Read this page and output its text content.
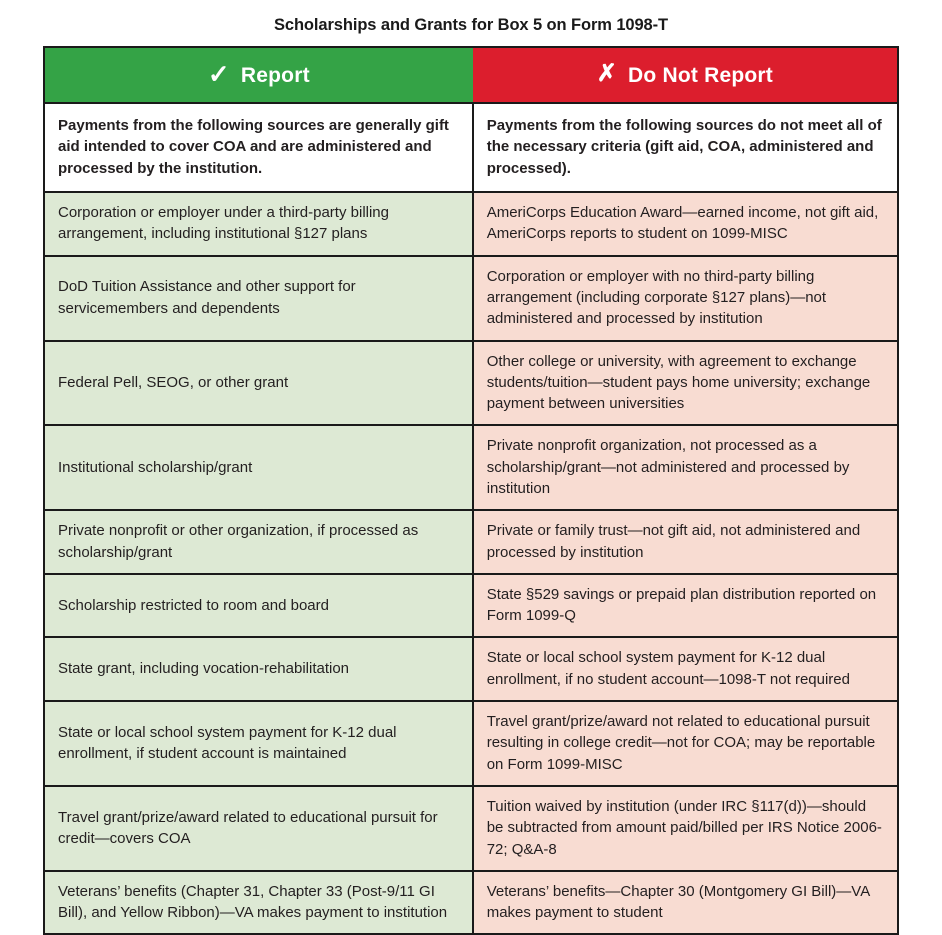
Scholarships and Grants for Box 5 on Form 1098-T
✓ Report	✗ Do Not Report

Payments from the following sources are generally gift aid intended to cover COA and are administered and processed by the institution.	Payments from the following sources do not meet all of the necessary criteria (gift aid, COA, administered and processed).
Corporation or employer under a third-party billing arrangement, including institutional §127 plans	AmeriCorps Education Award—earned income, not gift aid, AmeriCorps reports to student on 1099-MISC
DoD Tuition Assistance and other support for servicemembers and dependents	Corporation or employer with no third-party billing arrangement (including corporate §127 plans)—not administered and processed by institution
Federal Pell, SEOG, or other grant	Other college or university, with agreement to exchange students/tuition—student pays home university; exchange payment between universities
Institutional scholarship/grant	Private nonprofit organization, not processed as a scholarship/grant—not administered and processed by institution
Private nonprofit or other organization, if processed as scholarship/grant	Private or family trust—not gift aid, not administered and processed by institution
Scholarship restricted to room and board	State §529 savings or prepaid plan distribution reported on Form 1099-Q
State grant, including vocation-rehabilitation	State or local school system payment for K-12 dual enrollment, if no student account—1098-T not required
State or local school system payment for K-12 dual enrollment, if student account is maintained	Travel grant/prize/award not related to educational pursuit resulting in college credit—not for COA; may be reportable on Form 1099-MISC
Travel grant/prize/award related to educational pursuit for credit—covers COA	Tuition waived by institution (under IRC §117(d))—should be subtracted from amount paid/billed per IRS Notice 2006-72; Q&A-8
Veterans’ benefits (Chapter 31, Chapter 33 (Post-9/11 GI Bill), and Yellow Ribbon)—VA makes payment to institution	Veterans’ benefits—Chapter 30 (Montgomery GI Bill)—VA makes payment to student
